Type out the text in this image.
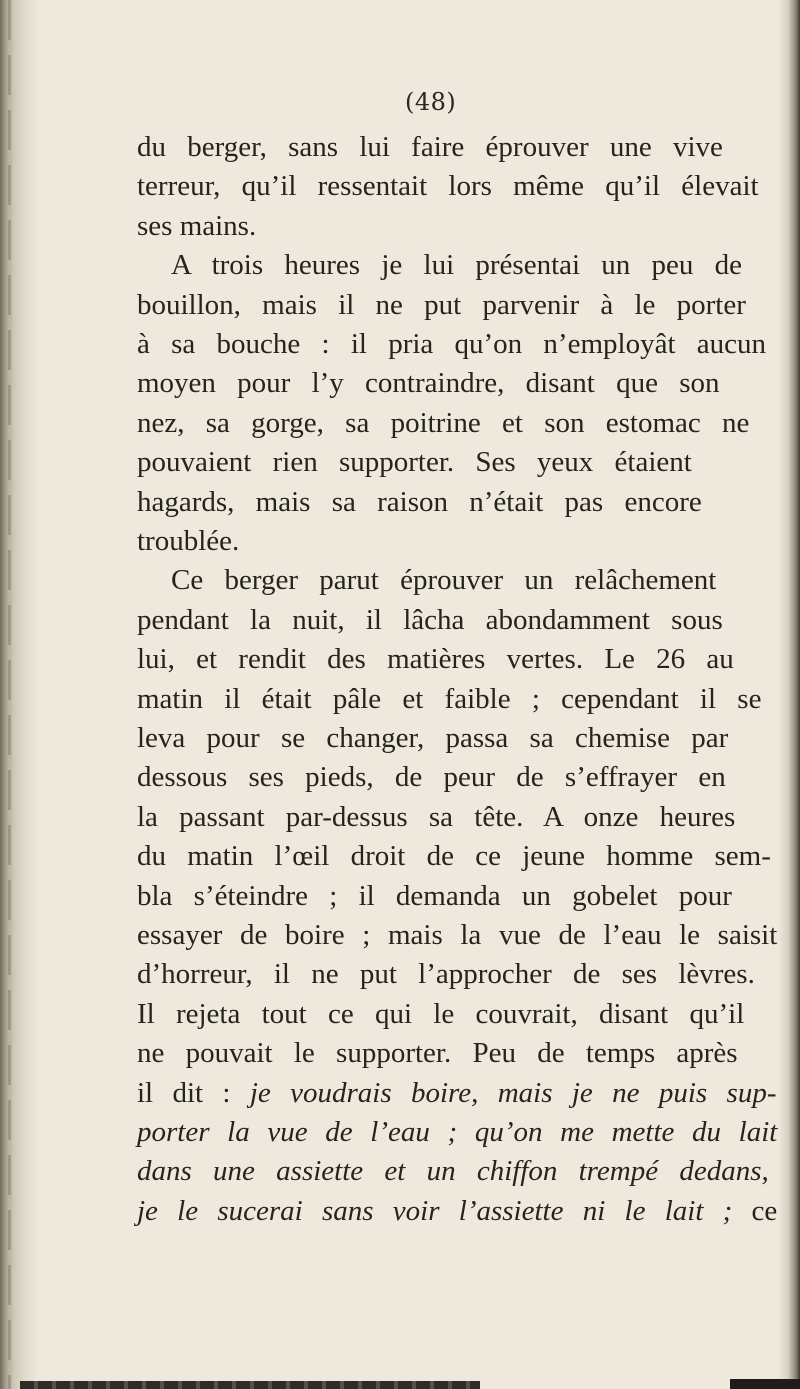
(48)
du berger, sans lui faire éprouver une vive
terreur, qu’il ressentait lors même qu’il élevait
ses mains.
A trois heures je lui présentai un peu de
bouillon, mais il ne put parvenir à le porter
à sa bouche : il pria qu’on n’employât aucun
moyen pour l’y contraindre, disant que son
nez, sa gorge, sa poitrine et son estomac ne
pouvaient rien supporter. Ses yeux étaient
hagards, mais sa raison n’était pas encore
troublée.
Ce berger parut éprouver un relâchement
pendant la nuit, il lâcha abondamment sous
lui, et rendit des matières vertes. Le 26 au
matin il était pâle et faible ; cependant il se
leva pour se changer, passa sa chemise par
dessous ses pieds, de peur de s’effrayer en
la passant par-dessus sa tête. A onze heures
du matin l’œil droit de ce jeune homme sem-
bla s’éteindre ; il demanda un gobelet pour
essayer de boire ; mais la vue de l’eau le saisit
d’horreur, il ne put l’approcher de ses lèvres.
Il rejeta tout ce qui le couvrait, disant qu’il
ne pouvait le supporter. Peu de temps après
il dit : je voudrais boire, mais je ne puis sup-
porter la vue de l’eau ; qu’on me mette du lait
dans une assiette et un chiffon trempé dedans,
je le sucerai sans voir l’assiette ni le lait ; ce
